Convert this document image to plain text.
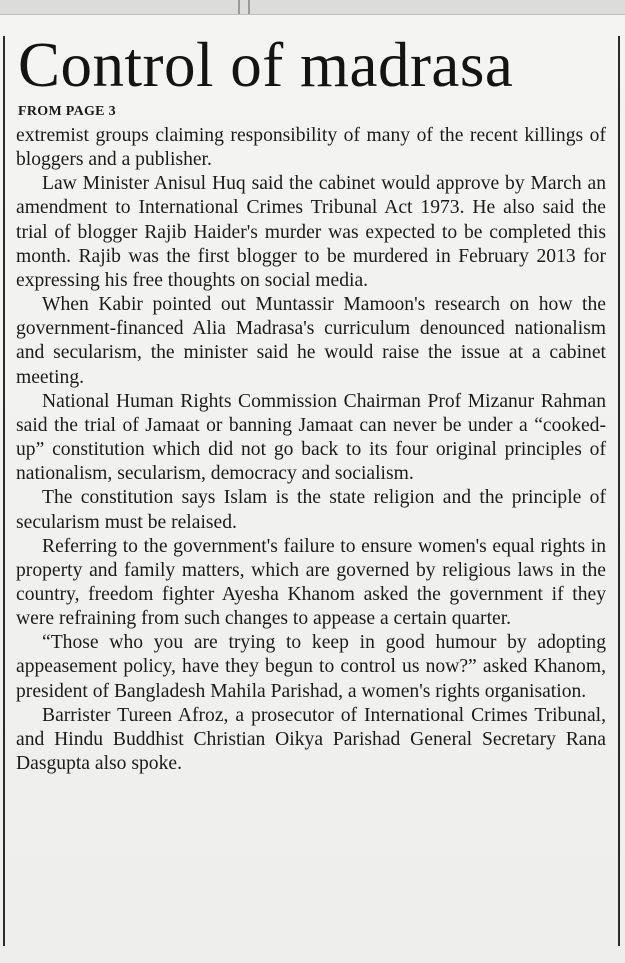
Control of madrasa
FROM PAGE 3

extremist groups claiming responsibility of many of the recent killings of bloggers and a publisher.

Law Minister Anisul Huq said the cabinet would approve by March an amendment to International Crimes Tribunal Act 1973. He also said the trial of blogger Rajib Haider's murder was expected to be completed this month. Rajib was the first blogger to be murdered in February 2013 for expressing his free thoughts on social media.

When Kabir pointed out Muntassir Mamoon's research on how the government-financed Alia Madrasa's curriculum denounced nationalism and secularism, the minister said he would raise the issue at a cabinet meeting.

National Human Rights Commission Chairman Prof Mizanur Rahman said the trial of Jamaat or banning Jamaat can never be under a “cooked-up” constitution which did not go back to its four original principles of nationalism, secularism, democracy and socialism.

The constitution says Islam is the state religion and the principle of secularism must be relaised.

Referring to the government's failure to ensure women's equal rights in property and family matters, which are governed by religious laws in the country, freedom fighter Ayesha Khanom asked the government if they were refraining from such changes to appease a certain quarter.

“Those who you are trying to keep in good humour by adopting appeasement policy, have they begun to control us now?” asked Khanom, president of Bangladesh Mahila Parishad, a women's rights organisation.

Barrister Tureen Afroz, a prosecutor of International Crimes Tribunal, and Hindu Buddhist Christian Oikya Parishad General Secretary Rana Dasgupta also spoke.
